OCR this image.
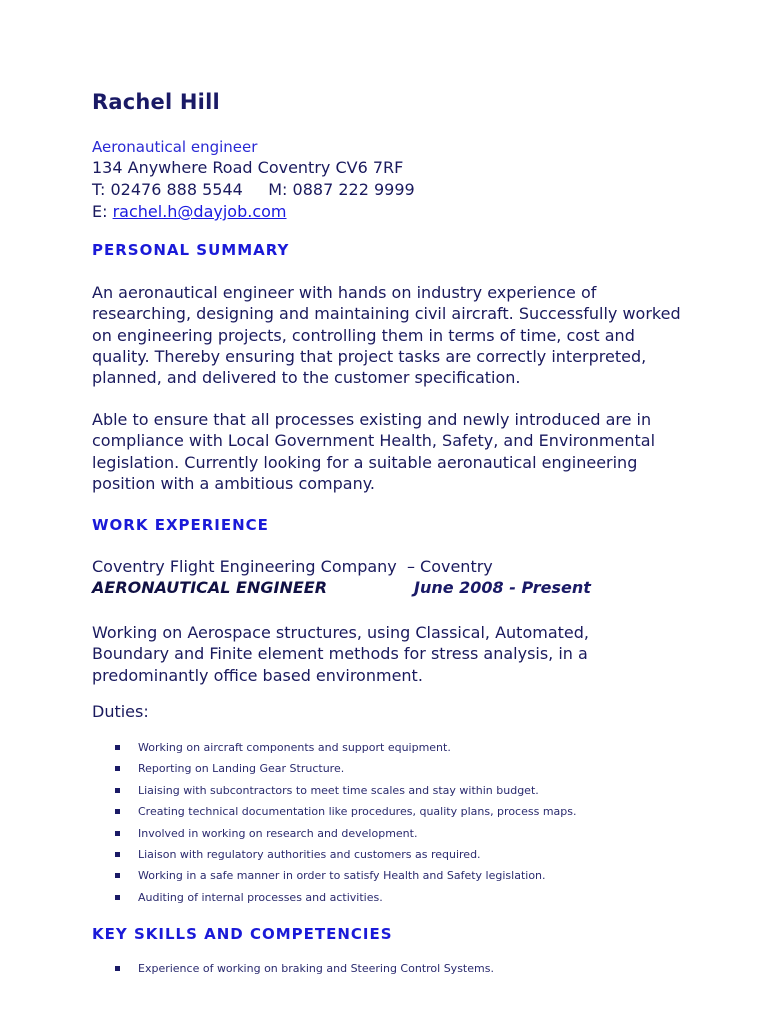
Rachel Hill
Aeronautical engineer
134 Anywhere Road Coventry CV6 7RF
T: 02476 888 5544     M: 0887 222 9999
E: rachel.h@dayjob.com
PERSONAL SUMMARY

An aeronautical engineer with hands on industry experience of researching, designing and maintaining civil aircraft. Successfully worked on engineering projects, controlling them in terms of time, cost and quality. Thereby ensuring that project tasks are correctly interpreted, planned, and delivered to the customer specification.

Able to ensure that all processes existing and newly introduced are in compliance with Local Government Health, Safety, and Environmental legislation. Currently looking for a suitable aeronautical engineering position with a ambitious company.

WORK EXPERIENCE
Coventry Flight Engineering Company  – Coventry
AERONAUTICAL ENGINEER	June 2008 - Present

Working on Aerospace structures, using Classical, Automated, Boundary and Finite element methods for stress analysis, in a predominantly office based environment.

Duties:
Working on aircraft components and support equipment.
Reporting on Landing Gear Structure.
Liaising with subcontractors to meet time scales and stay within budget.
Creating technical documentation like procedures, quality plans, process maps.
Involved in working on research and development.
Liaison with regulatory authorities and customers as required.
Working in a safe manner in order to satisfy Health and Safety legislation.
Auditing of internal processes and activities.
KEY SKILLS AND COMPETENCIES
Experience of working on braking and Steering Control Systems.
